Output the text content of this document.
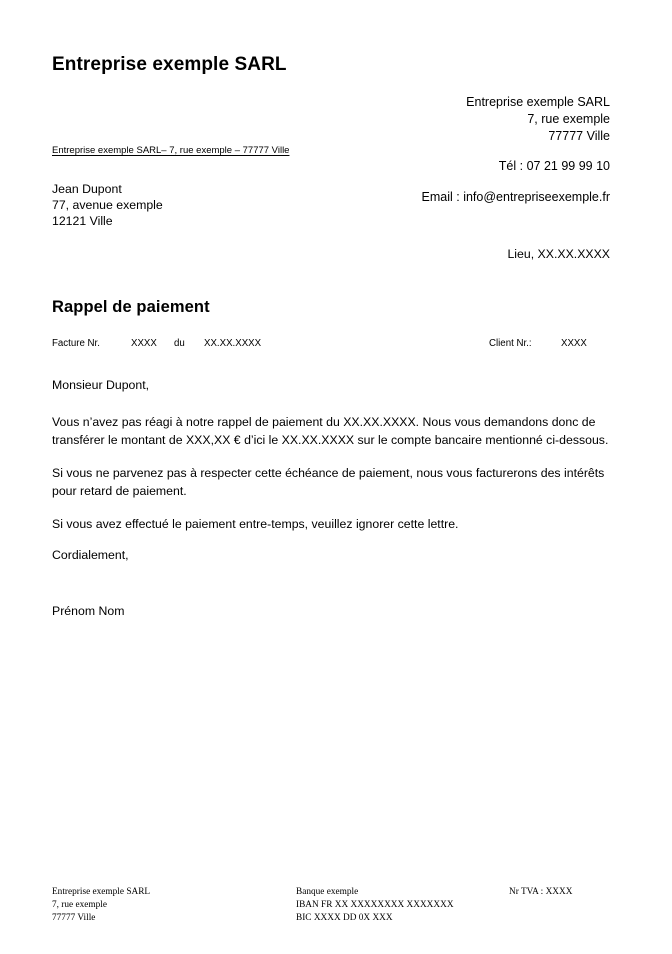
Entreprise exemple SARL
Entreprise exemple SARL
7, rue exemple
77777 Ville
Tél : 07 21 99 99 10
Email : info@entrepriseexemple.fr
Entreprise exemple SARL– 7, rue exemple – 77777 Ville
Jean Dupont
77, avenue exemple
12121 Ville
Lieu, XX.XX.XXXX
Rappel de paiement
Facture Nr.	XXXX du XX.XX.XXXX	Client Nr.:	XXXX

Monsieur Dupont,

Vous n’avez pas réagi à notre rappel de paiement du XX.XX.XXXX. Nous vous demandons donc de transférer le montant de XXX,XX € d’ici le XX.XX.XXXX sur le compte bancaire mentionné ci-dessous.

Si vous ne parvenez pas à respecter cette échéance de paiement, nous vous facturerons des intérêts pour retard de paiement.

Si vous avez effectué le paiement entre-temps, veuillez ignorer cette lettre.

Cordialement,
Prénom Nom
Entreprise exemple SARL
7, rue exemple
77777 Ville
Banque exemple
IBAN FR XX XXXXXXXX XXXXXXX
BIC XXXX DD 0X XXX
Nr TVA : XXXX
